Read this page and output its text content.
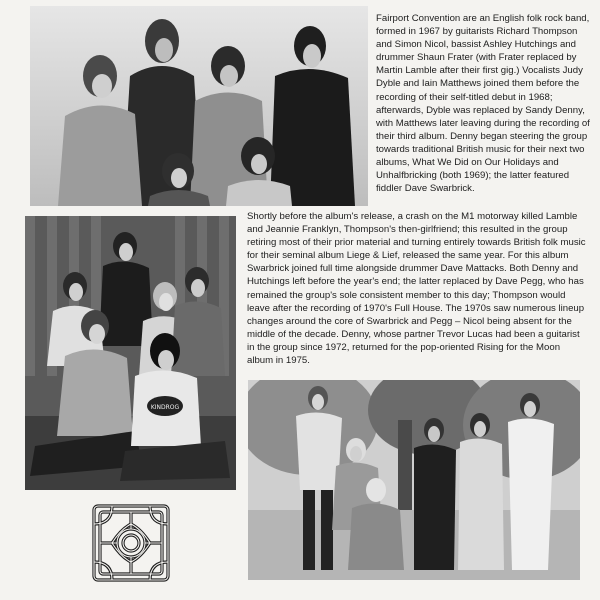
Fairport Convention are an English folk rock band, formed in 1967 by guitarists Richard Thompson and Simon Nicol, bassist Ashley Hutchings and drummer Shaun Frater (with Frater replaced by Martin Lamble after their first gig.) Vocalists Judy Dyble and Iain Matthews joined them before the recording of their self-titled debut in 1968; afterwards, Dyble was replaced by Sandy Denny, with Matthews later leaving during the recording of their third album. Denny began steering the group towards traditional British music for their next two albums, What We Did on Our Holidays and Unhalfbricking (both 1969); the latter featured fiddler Dave Swarbrick.
KINDROG
Shortly before the album's release, a crash on the M1 motorway killed Lamble and Jeannie Franklyn, Thompson's then-girlfriend; this resulted in the group retiring most of their prior material and turning entirely towards British folk music for their seminal album Liege & Lief, released the same year. For this album Swarbrick joined full time alongside drummer Dave Mattacks. Both Denny and Hutchings left before the year's end; the latter replaced by Dave Pegg, who has remained the group's sole consistent member to this day; Thompson would leave after the recording of 1970's Full House. The 1970s saw numerous lineup changes around the core of Swarbrick and Pegg – Nicol being absent for the middle of the decade. Denny, whose partner Trevor Lucas had been a guitarist in the group since 1972, returned for the pop-oriented Rising for the Moon album in 1975.
